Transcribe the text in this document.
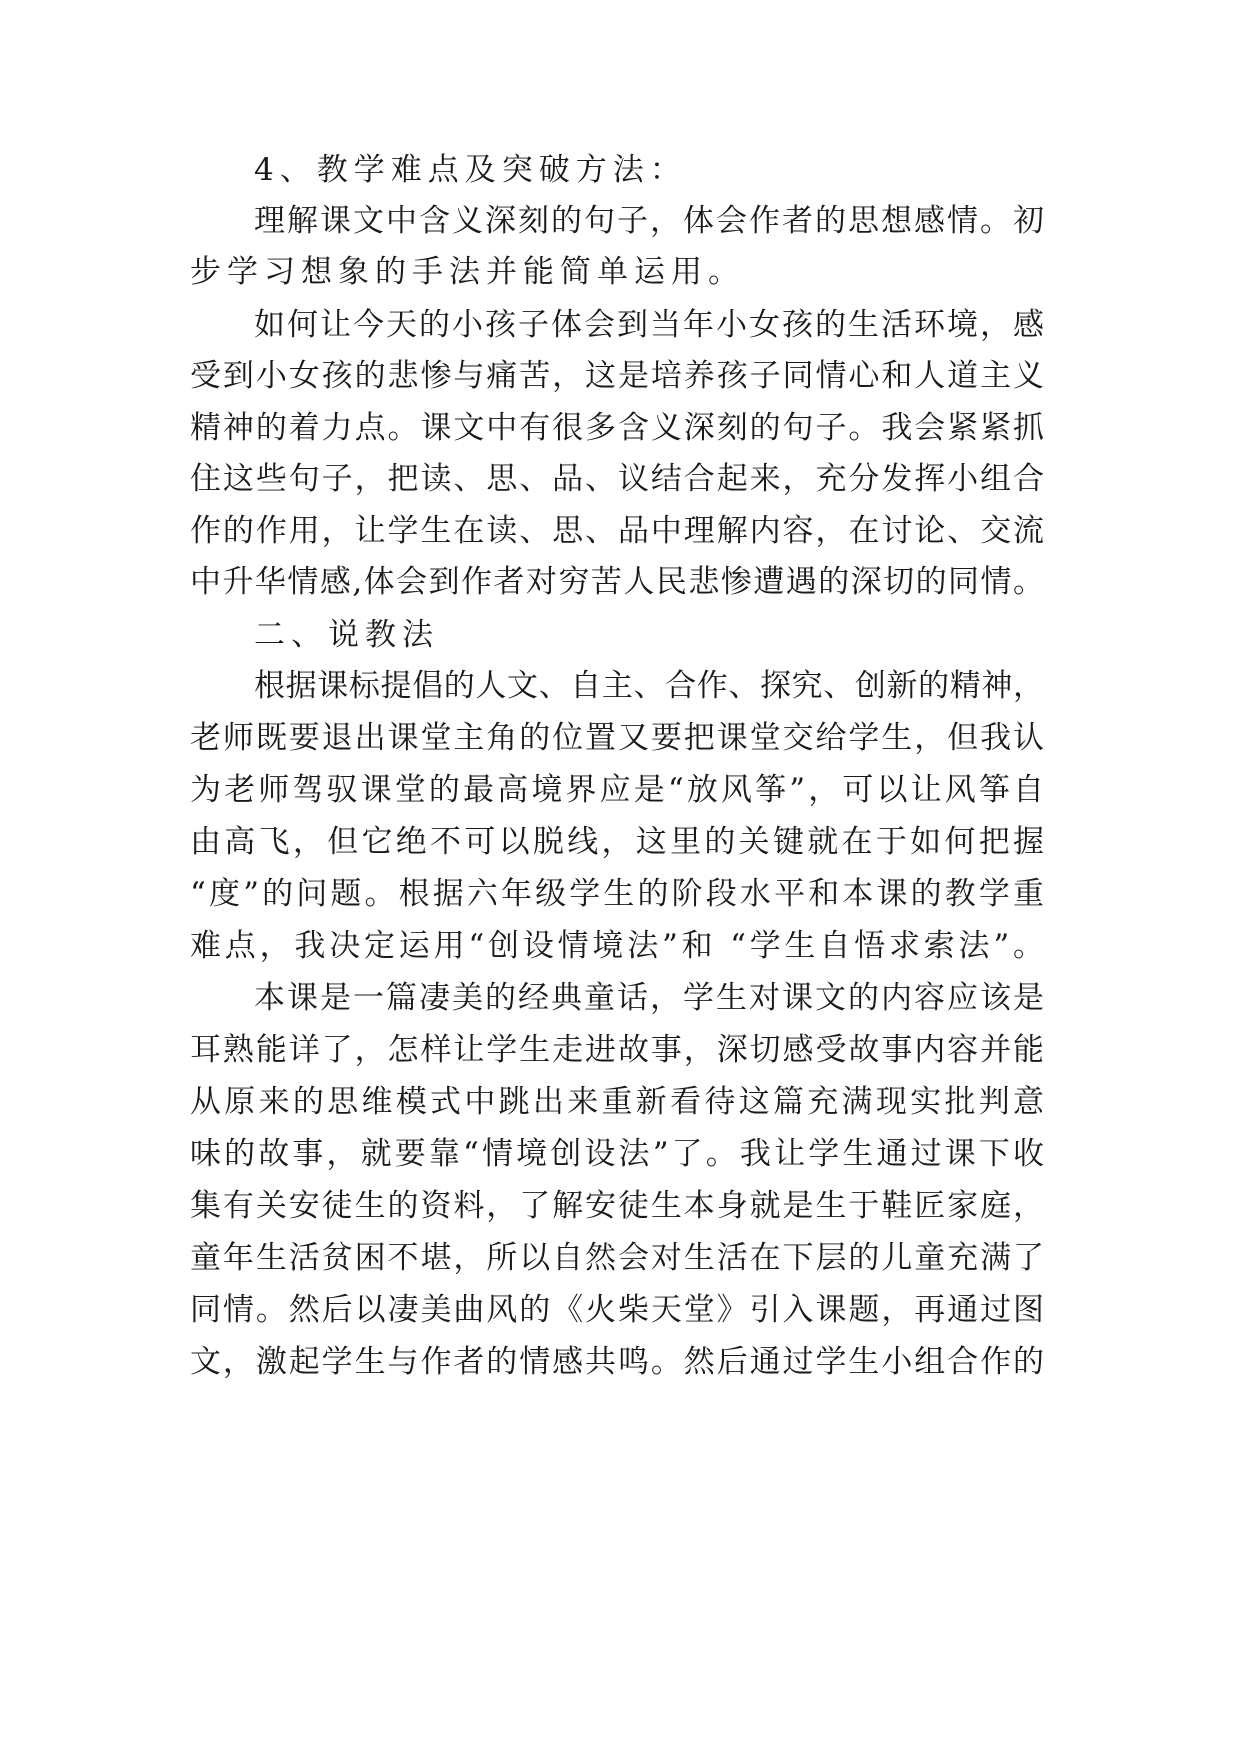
4、教学难点及突破方法：
理解课文中含义深刻的句子，体会作者的思想感情。初
步学习想象的手法并能简单运用。
如何让今天的小孩子体会到当年小女孩的生活环境，感
受到小女孩的悲惨与痛苦，这是培养孩子同情心和人道主义
精神的着力点。课文中有很多含义深刻的句子。我会紧紧抓
住这些句子，把读、思、品、议结合起来，充分发挥小组合
作的作用，让学生在读、思、品中理解内容，在讨论、交流
中升华情感,体会到作者对穷苦人民悲惨遭遇的深切的同情。
二、说教法
根据课标提倡的人文、自主、合作、探究、创新的精神，
老师既要退出课堂主角的位置又要把课堂交给学生，但我认
为老师驾驭课堂的最高境界应是“放风筝”，可以让风筝自
由高飞，但它绝不可以脱线，这里的关键就在于如何把握
“度”的问题。根据六年级学生的阶段水平和本课的教学重
难点，我决定运用“创设情境法”和 “学生自悟求索法”。
本课是一篇凄美的经典童话，学生对课文的内容应该是
耳熟能详了，怎样让学生走进故事，深切感受故事内容并能
从原来的思维模式中跳出来重新看待这篇充满现实批判意
味的故事，就要靠“情境创设法”了。我让学生通过课下收
集有关安徒生的资料，了解安徒生本身就是生于鞋匠家庭，
童年生活贫困不堪，所以自然会对生活在下层的儿童充满了
同情。然后以凄美曲风的《火柴天堂》引入课题，再通过图
文，激起学生与作者的情感共鸣。然后通过学生小组合作的
